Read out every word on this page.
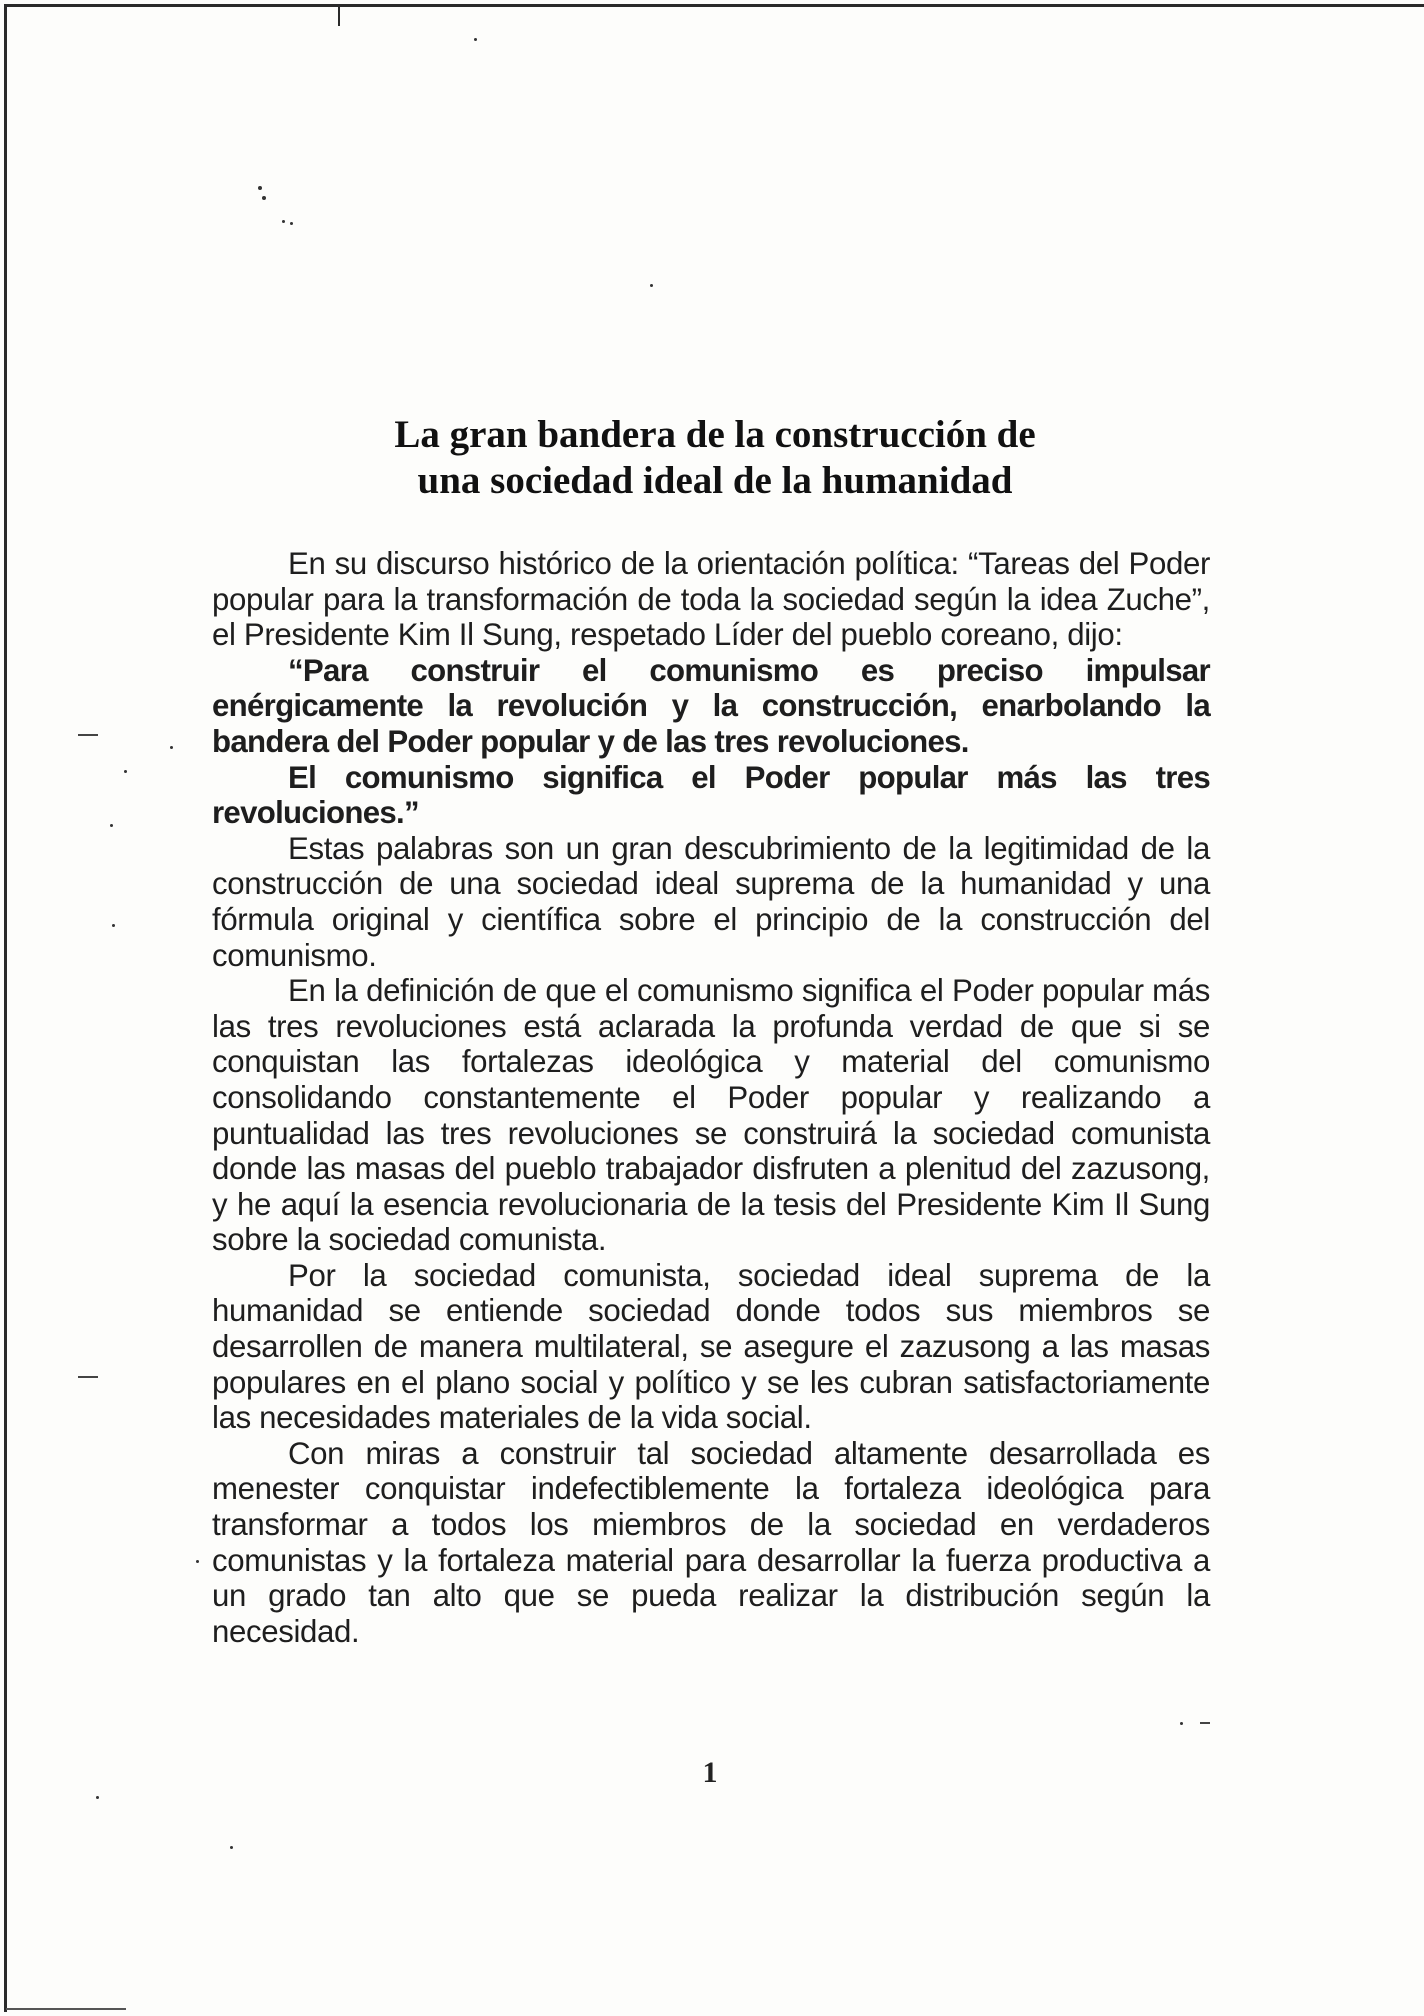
La gran bandera de la construcción de
una sociedad ideal de la humanidad

En su discurso histórico de la orientación política: “Tareas del Poder popular para la transformación de toda la sociedad según la idea Zuche”, el Presidente Kim Il Sung, respetado Líder del pueblo coreano, dijo:

“Para construir el comunismo es preciso impulsar enérgicamente la revolución y la construcción, enarbolando la bandera del Poder popular y de las tres revoluciones.

El comunismo significa el Poder popular más las tres revoluciones.”

Estas palabras son un gran descubrimiento de la legitimidad de la construcción de una sociedad ideal suprema de la humanidad y una fórmula original y científica sobre el principio de la construcción del comunismo.

En la definición de que el comunismo significa el Poder popular más las tres revoluciones está aclarada la profunda verdad de que si se conquistan las fortalezas ideológica y material del comunismo consolidando constantemente el Poder popular y realizando a puntualidad las tres revoluciones se construirá la sociedad comunista donde las masas del pueblo trabajador disfruten a plenitud del zazusong, y he aquí la esencia revolucionaria de la tesis del Presidente Kim Il Sung sobre la sociedad comunista.

Por la sociedad comunista, sociedad ideal suprema de la humanidad se entiende sociedad donde todos sus miembros se desarrollen de manera multilateral, se asegure el zazusong a las masas populares en el plano social y político y se les cubran satisfactoriamente las necesidades materiales de la vida social.

Con miras a construir tal sociedad altamente desarrollada es menester conquistar indefectiblemente la fortaleza ideológica para transformar a todos los miembros de la sociedad en verdaderos comunistas y la fortaleza material para desarrollar la fuerza productiva a un grado tan alto que se pueda realizar la distribución según la necesidad.

1
